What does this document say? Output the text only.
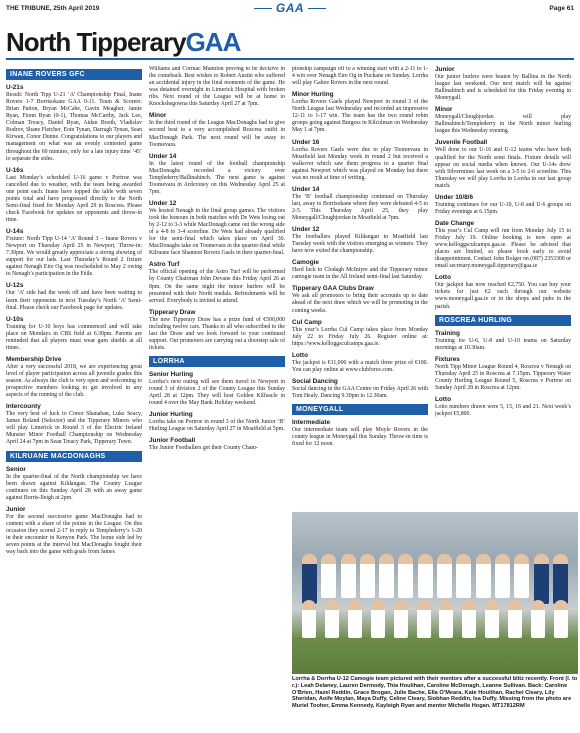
THE TRIBUNE, 25th April 2019	GAA	Page 61
North Tipperary GAA
INANE ROVERS GFC
U-21s

Result: North Tipp U-21 ‘A’ Championship Final, Inane Rovers 1-7 Borrisokane GAA 0-11. Team & Scorers: Brian Patton, Bryan McCabe, Gavin Meagher, Jamie Ryan, Fionn Ryan (0-1), Thomas McCarthy, Jack Lee, Colman Treacy, Daniel Ryan, Aidan Booth, Vladislav Bodrov, Shane Fletcher, Eoin Tynan, Darragh Tynan, Sean Kirwan, Conor Dunne. Congratulations to our players and management on what was an evenly contested game throughout the 60 minutes, only for a late injury time ‘45’ to separate the sides.

U-16s

Last Monday’s scheduled U-16 game v Portroe was cancelled due to weather, with the team being awarded one point each. Inane have topped the table with seven points total and have progressed directly to the North Semi-final fixed for Monday April 29 in Roscrea. Please check Facebook for updates on opponents and throw-in time.

U-14s

Fixture: North Tipp U-14 ‘A’ Round 3 – Inane Rovers v Newport on Thursday April 25 in Newport, Throw-in: 7.30pm. We would greatly appreciate a strong showing of support for our lads. Last Thursday’s Round 2 fixture against Nenagh Eire Og was rescheduled to May 2 owing to Nenagh’s participation in the Féile.

U-12s

Our ‘A’ side had the week off and have been waiting to learn their opponents in next Tuesday’s North ‘A’ Semi-final. Please check our Facebook page for updates.

U-10s

Training for U-10 boys has commenced and will take place on Mondays in CBS field at 6.30pm. Parents are reminded that all players must wear gum shields at all times.

Membership Drive

After a very successful 2018, we are experiencing great level of player participation across all juvenile grades this season. As always the club is very open and welcoming to prospective members looking to get involved in any aspects of the running of the club.

Intercounty

The very best of luck to Conor Shanahan, Luke Seacy, James Boland (Selector) and the Tipperary Minors who will play Limerick in Round 3 of the Electric Ireland Munster Minor Football Championship on Wednesday April 24 at 7pm in Sean Treacy Park, Tipperary Town.

KILRUANE MACDONAGHS
Senior

In the quarter-final of the North championship we have been drawn against Kildangan. The County League continues on this Sunday April 28 with an away game against Borris-Ileigh at 2pm.

Junior

For the second successive game MacDonaghs had to content with a share of the points in the League. On this occasion they scored 2-17 in reply to Templederry’s 1-20 in their encounter in Kenyon Park. The home side led by seven points at the interval but MacDonaghs fought their way back into the game with goals from James

Williams and Cormac Mannion proving to be decisive in the comeback. Best wishes to Robert Austin who suffered an accidental injury in the final moments of the game. He was detained overnight in Limerick Hospital with broken ribs. Next round of the League will be at home to Knockshegowna this Saturday April 27 at 7pm.

Minor

In the third round of the League MacDonaghs had to give second best to a very accomplished Roscrea outfit in MacDonagh Park. The next round will be away to Toomevara.

Under 14

In the latest round of the football championship MacDonaghs recorded a victory over Templederry/Ballinahinch. The next game is against Toomevara in Ardcroney on this Wednesday April 25 at 7pm.

Under 12

We hosted Nenagh in the final group games. The visitors took the honours in both matches with De Wets losing out by 2-12 to 3-3 while MacDonagh came out the wrong side of a 4-8 to 3-4 scoreline. De Wets had already qualified for the semi-final which takes place on April 30. MacDonaghs take on Toomevara in the quarter-final while Kilruane face Shannon Rovers Gaels in their quarter-final.

Astro Turf

The official opening of the Astro Turf will be performed by County Chairman John Devane this Friday April 26 at 8pm. On the same night the minor hurlers will be presented with their North medals. Refreshments will be served. Everybody is invited to attend.

Tipperary Draw

The new Tipperary Draw has a prize fund of €500,000 including twelve cars. Thanks to all who subscribed to the last the Draw and we look forward to your continued support. Our promoters are carrying out a doorstep sale of tickets.

LORRHA
Senior Hurling

Lorrha’s next outing will see them travel to Newport in round 3 of division 2 of the County League this Sunday April 28 at 12pm. They will host Golden Kilfeacle in round 4 over the May Bank Holiday weekend.

Junior Hurling

Lorrha take on Portroe in round 3 of the North Junior ‘B’ Hurling League on Saturday April 27 in Moatfield at 5pm.

Junior Football

The Junior Footballers get their County Cham-

pionship campaign off to a winning start with a 2-11 to 1-4 win over Nenagh Eire Og in Puckane on Sunday. Lorrha will play Galtee Rovers in the next round.

Minor Hurling

Lorrha Rovers Gaels played Newport in round 3 of the North League last Wednesday and recorded an impressive 12-11 to 1-17 win. The team has the two round robin groups going against Burgess in Kilcolman on Wednesday May 1 at 7pm.

Under 16

Lorrha Rovers Gaels were due to play Toomevara in Moatfield last Monday week in round 2 but received a walkover which saw them progress to a quarter final against Newport which was played on Monday but there was no result at time of writing.

Under 14

The ‘B’ football championship continued on Thursday last, away to Borrisokane where they were defeated 4-5 to 2-5. This Thursday April 25, they play Moneygall/Cloughjordan in Moatfield at 7pm.

Under 12

The footballers played Kildangan in Moatfield last Tuesday week with the visitors emerging as winners. They have now exited the championship.

Camogie

Hard luck to Clodagh McIntyre and the Tipperary minor camogie team in the All Ireland semi-final last Saturday.

Tipperary GAA Clubs Draw

We ask all promoters to bring their accounts up to date ahead of the next draw which we will be promoting in the coming weeks.

Cul Camp

This year’s Lorrha Cul Camp takes place from Monday July 22 to Friday July 26. Register online at: https://www.kelloggsculcamps.gaa.ie.

Lotto

The jackpot is €11,000 with a match three prize of €100. You can play online at www.clubforce.com.

Social Dancing

Social dancing in the GAA Centre on Friday April 26 with Tom Healy. Dancing 9.30pm to 12.30am.

MONEYGALL
Intermediate

Our intermediate team will play Moyle Rovers in the county league in Moneygall this Sunday. Throw-in time is fixed for 12 noon.

Junior

Our junior hurlers were beaten by Ballina in the North league last weekend. Our next match will be against Ballinahinch and is scheduled for this Friday evening in Moneygall.

Minor

Moneygall/Cloughjordan will play Ballinahinch/Templederry in the North minor hurling league this Wednesday evening.

Juvenile Football

Well done to our U-16 and U-12 teams who have both qualified for the North semi finals. Fixture details will appear on social media when known. Our U-14s drew with Silvermines last week on a 3-5 to 2-6 scoreline. This Thursday we will play Lorrha in Lorrha in our last group match.

Under 10/8/6

Training continues for our U-10, U-8 and U-6 groups on Friday evenings at 6.15pm.

Date Change

This year’s Cul Camp will run from Monday July 15 to Friday July 19. Online booking is now open at www.kelloggsculcamps.gaa.ie. Please be advised that places are limited, so please book early to avoid disappointment. Contact John Bolger on (087) 2353300 or email secretary.moneygall.tipperary@gaa.ie

Lotto

Our jackpot has now reached €2,750. You can buy your tickets for just €2 each through our website www.moneygall.gaa.ie or in the shops and pubs in the parish.

ROSCREA HURLING
Training

Training for U-6, U-8 and U-10 teams on Saturday mornings at 10.30am.

Fixtures

North Tipp Minor League Round 4, Roscrea v Nenagh on Thursday April 25 in Roscrea at 7.15pm. Tipperary Water County Hurling League Round 5, Roscrea v Portroe on Sunday April 28 in Roscrea at 12pm.

Lotto

Lotto numbers drawn were 5, 15, 16 and 21. Next week’s jackpot €5,800.

Lorrha & Dorrha U-12 Camogie team pictured with their mentors after a successful blitz recently. Front (l. to r.): Leah Delaney, Lauren Dermody, Thia Houlihan, Caroline McDonagh, Leanne Sullivan. Back: Caroline O’Brien, Hazel Reddin, Grace Brogan, Julie Bache, Ella O’Meara, Kate Houlihan, Rachel Cleary, Lily Sheridan, Aoife Moylan, Maya Duffy, Celine Cleary, Siobhan Reddin, Isa Duffy. Missing from the photo are Muriel Tooher, Emma Kennedy, Kayleigh Ryan and mentor Michelle Hogan. MT17812RM
